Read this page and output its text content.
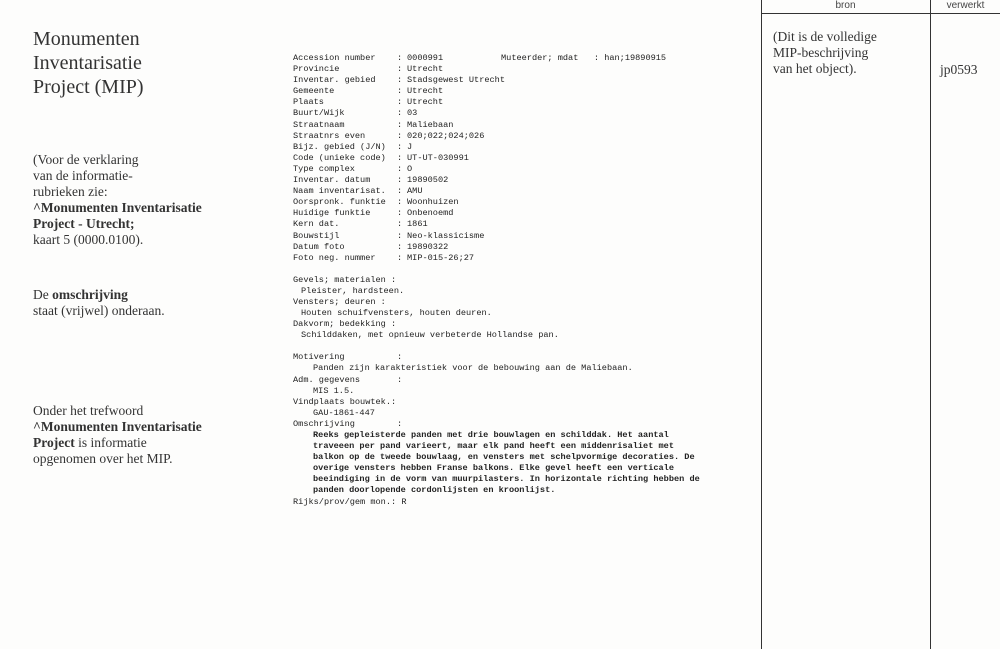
Monumenten
Inventarisatie
Project (MIP)
(Voor de verklaring
van de informatie-
rubrieken zie:
^Monumenten Inventarisatie
Project - Utrecht;
kaart 5 (0000.0100).
De omschrijving
staat (vrijwel) onderaan.
Onder het trefwoord
^Monumenten Inventarisatie
Project is informatie
opgenomen over het MIP.
Muteerder; mdat : han;19890915
Accession number	: 0000991
Provincie	: Utrecht
Inventar. gebied	: Stadsgewest Utrecht
Gemeente	: Utrecht
Plaats	: Utrecht
Buurt/Wijk	: 03
Straatnaam	: Maliebaan
Straatnrs even	: 020;022;024;026
Bijz. gebied (J/N)	: J
Code (unieke code)	: UT-UT-030991
Type complex	: O
Inventar. datum	: 19890502
Naam inventarisat.	: AMU
Oorspronk. funktie	: Woonhuizen
Huidige funktie	: Onbenoemd
Kern dat.	: 1861
Bouwstijl	: Neo-klassicisme
Datum foto	: 19890322
Foto neg. nummer	: MIP-015-26;27
Gevels; materialen :
Pleister, hardsteen.
Vensters; deuren :
Houten schuifvensters, houten deuren.
Dakvorm; bedekking :
Schilddaken, met opnieuw verbeterde Hollandse pan.
Motivering	:
Panden zijn karakteristiek voor de bebouwing aan de Maliebaan.
Adm. gegevens	:
MIS 1.5.
Vindplaats bouwtek.:
GAU-1861-447
Omschrijving	:
Reeks gepleisterde panden met drie bouwlagen en schilddak. Het aantal
traveeen per pand varieert, maar elk pand heeft een middenrisaliet met
balkon op de tweede bouwlaag, en vensters met schelpvormige decoraties. De
overige vensters hebben Franse balkons. Elke gevel heeft een verticale
beeindiging in de vorm van muurpilasters. In horizontale richting hebben de
panden doorlopende cordonlijsten en kroonlijst.
Rijks/prov/gem mon.: R
bron	verwerkt
(Dit is de volledige
MIP-beschrijving
van het object).	jp0593
